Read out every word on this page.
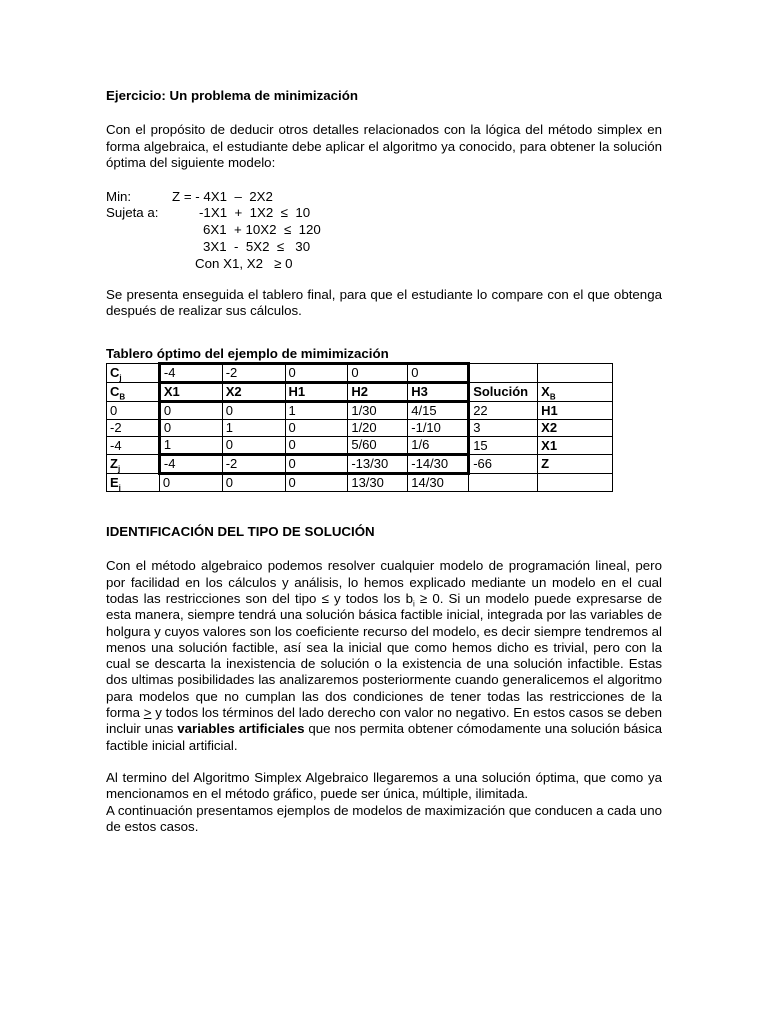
Ejercicio: Un problema de minimización

Con el propósito de deducir otros detalles relacionados con la lógica del método simplex en forma algebraica, el estudiante debe aplicar el algoritmo ya conocido, para obtener la solución óptima del siguiente modelo:

Min:	Z = - 4X1  –  2X2
Sujeta a:	-1X1  +  1X2  ≤  10
6X1  + 10X2  ≤  120
3X1  -  5X2  ≤   30
Con X1, X2   ≥ 0

Se presenta enseguida el tablero final, para que el estudiante lo compare con el que obtenga después de realizar sus cálculos.

Tablero óptimo del ejemplo de mimimización

$C_j$	-4	-2	0	0	0		
$C_B$	X1	X2	H1	H2	H3	Solución	$X_B$
0	0	0	1	1/30	4/15	22	H1
-2	0	1	0	1/20	-1/10	3	X2
-4	1	0	0	5/60	1/6	15	X1
$Z_j$	-4	-2	0	-13/30	-14/30	-66	Z
$E_j$	0	0	0	13/30	14/30		

IDENTIFICACIÓN DEL TIPO DE SOLUCIÓN

Con el método algebraico podemos resolver cualquier modelo de programación lineal, pero por facilidad en los cálculos y análisis, lo hemos explicado mediante un modelo en el cual todas las restricciones son del tipo ≤ y todos los $b_i \ge 0$. Si un modelo puede expresarse de esta manera, siempre tendrá una solución básica factible inicial, integrada por las variables de holgura y cuyos valores son los coeficiente recurso del modelo, es decir siempre tendremos al menos una solución factible, así sea la inicial que como hemos dicho es trivial, pero con la cual se descarta la inexistencia de solución o la existencia de una solución infactible. Estas dos ultimas posibilidades las analizaremos posteriormente cuando generalicemos el algoritmo para modelos que no cumplan las dos condiciones de tener todas las restricciones de la forma > y todos los términos del lado derecho con valor no negativo. En estos casos se deben incluir unas variables artificiales que nos permita obtener cómodamente una solución básica factible inicial artificial.

Al termino del Algoritmo Simplex Algebraico llegaremos a una solución óptima, que como ya mencionamos en el método gráfico, puede ser única, múltiple, ilimitada.

A continuación presentamos ejemplos de modelos de maximización que conducen a cada uno de estos casos.
